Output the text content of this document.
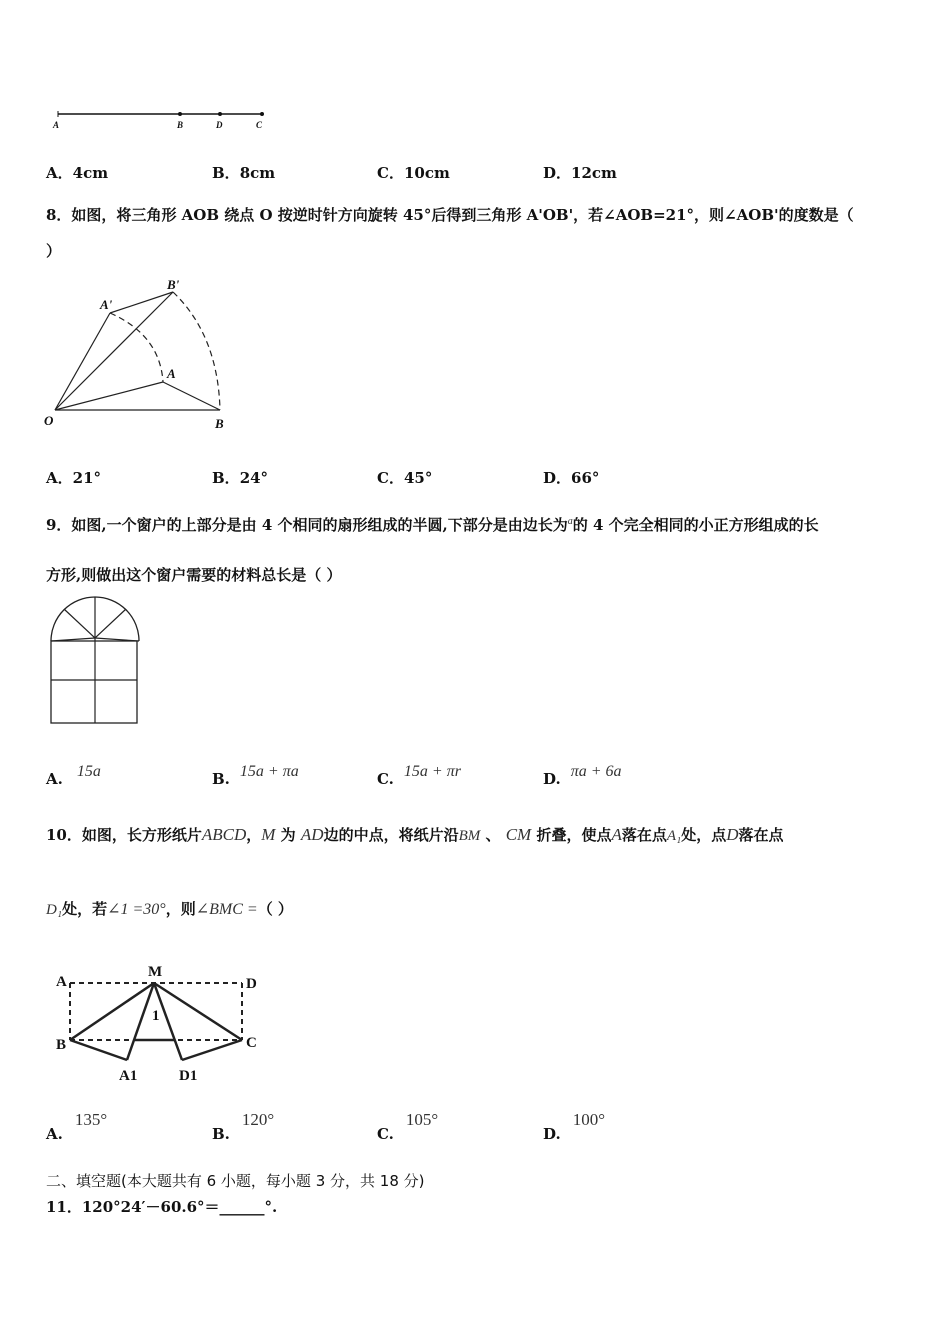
A	B	D	C
A．4cm	B．8cm	C．10cm	D．12cm
8．如图，将三角形 AOB 绕点 O 按逆时针方向旋转 45°后得到三角形 A'OB'，若∠AOB=21°，则∠AOB'的度数是（
）
A'
B'
A
O	B
A．21°	B．24°	C．45°	D．66°
9．如图,一个窗户的上部分是由 4 个相同的扇形组成的半圆,下部分是由边长为$^a$的 4 个完全相同的小正方形组成的长
方形,则做出这个窗户需要的材料总长是（ ）
A. 15a	B. 15a + πa	C. 15a + πr	D. πa + 6a
10．如图，长方形纸片ABCD，M 为 AD边的中点，将纸片沿BM 、 CM 折叠，使点A落在点A₁处，点D落在点
D₁处，若∠1 =30°，则∠BMC =（ ）
A
M
D
B	C
A1	D1
1
A.135°
B.120°
C.105°
D.100°
二、填空题(本大题共有 6 小题，每小题 3 分，共 18 分)
11．120°24′－60.6°＝______°.
